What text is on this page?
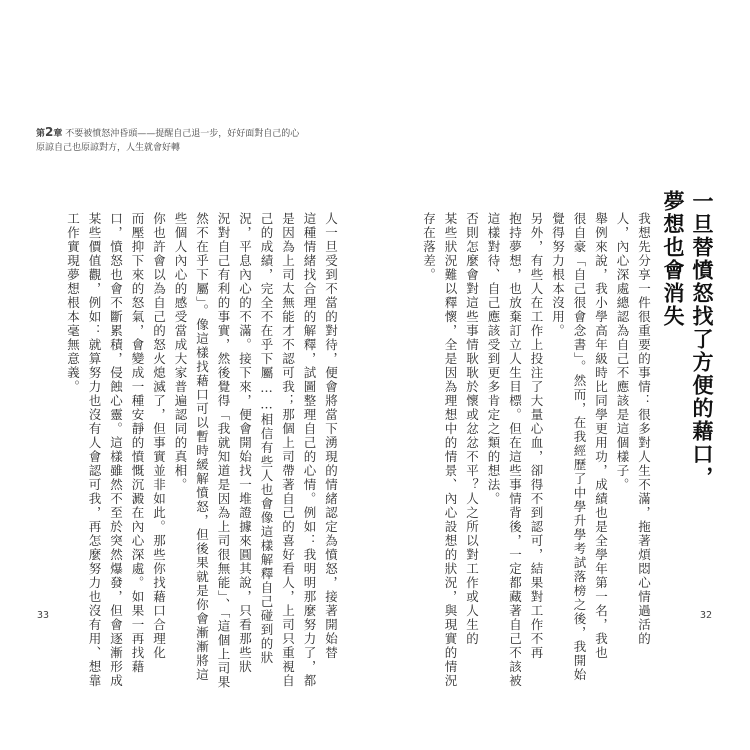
第2章 不要被憤怒沖昏頭——提醒自己退一步，好好面對自己的心
原諒自己也原諒對方，人生就會好轉
人一旦受到不當的對待，便會將當下湧現的情緒認定為憤怒，接著開始替
這種情緒找合理的解釋，試圖整理自己的心情。例如：我明明那麼努力了，都
是因為上司太無能才不認可我；那個上司帶著自己的喜好看人，上司只重視自
己的成績，完全不在乎下屬……相信有些人也會像這樣解釋自己碰到的狀
況，平息內心的不滿。接下來，便會開始找一堆證據來圓其說，只看那些狀
況對自己有利的事實，然後覺得「我就知道是因為上司很無能」、「這個上司果
然不在乎下屬」。像這樣找藉口可以暫時緩解憤怒，但後果就是你會漸漸將這
些個人內心的感受當成大家普遍認同的真相。
你也許會以為自己的怒火熄滅了，但事實並非如此。那些你找藉口合理化
而壓抑下來的怒氣，會變成一種安靜的憤慨沉澱在內心深處。如果一再找藉
口，憤怒也會不斷累積，侵蝕心靈。這樣雖然不至於突然爆發，但會逐漸形成
某些價值觀，例如：就算努力也沒有人會認可我，再怎麼努力也沒有用、想靠
工作實現夢想根本毫無意義。
33
一旦替憤怒找了方便的藉口，
夢想也會消失
我想先分享一件很重要的事情：很多對人生不滿，拖著煩悶心情過活的
人，內心深處總認為自己不應該是這個樣子。
舉例來說，我小學高年級時比同學更用功，成績也是全學年第一名，我也
很自豪「自己很會念書」。然而，在我經歷了中學升學考試落榜之後，我開始
覺得努力根本沒用。
另外，有些人在工作上投注了大量心血，卻得不到認可，結果對工作不再
抱持夢想，也放棄訂立人生目標。但在這些事情背後，一定都藏著自己不該被
這樣對待、自己應該受到更多肯定之類的想法。
否則怎麼會對這些事情耿耿於懷或忿忿不平？人之所以對工作或人生的
某些狀況難以釋懷，全是因為理想中的情景、內心設想的狀況，與現實的情況
存在落差。
32
